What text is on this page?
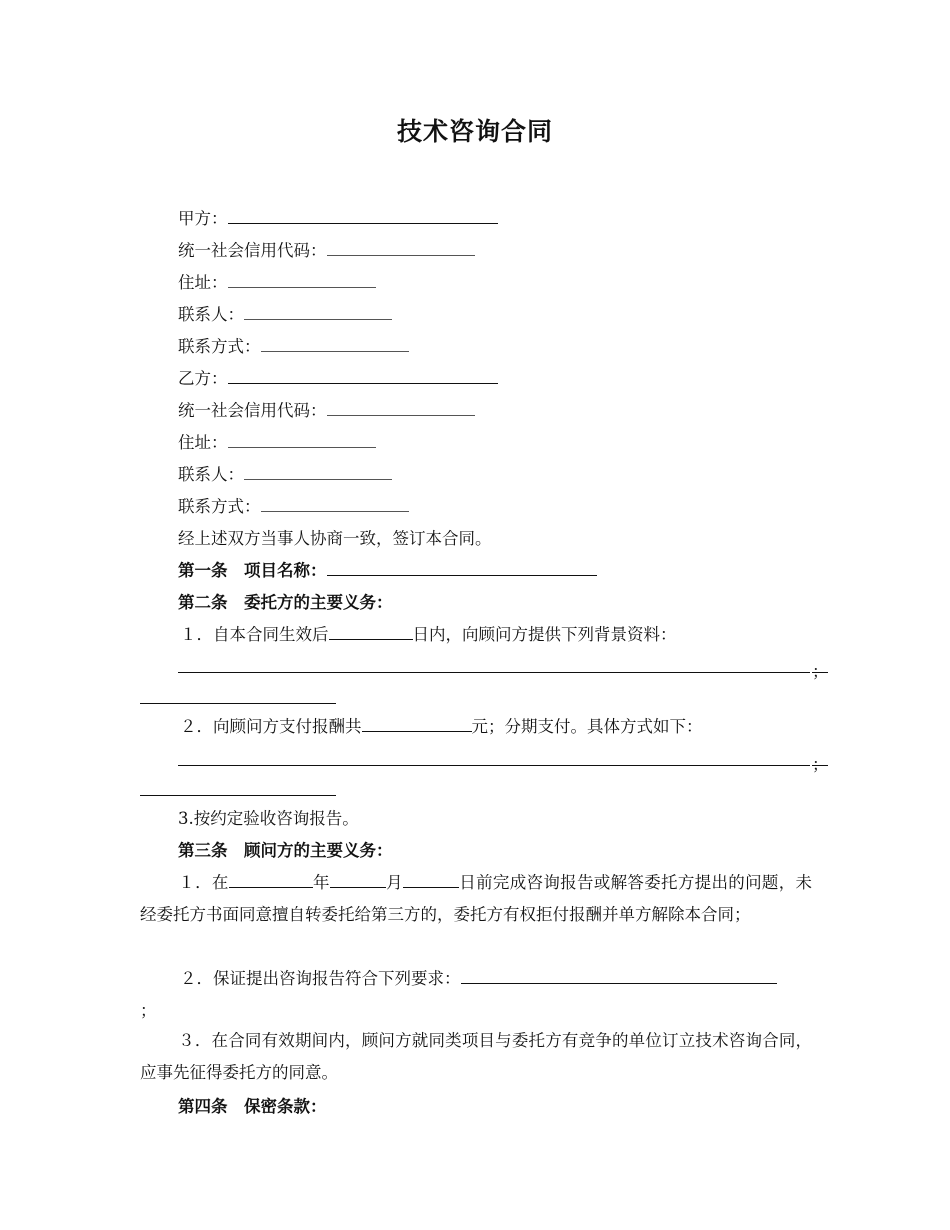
技术咨询合同
甲方：
统一社会信用代码：
住址：
联系人：
联系方式：
乙方：
统一社会信用代码：
住址：
联系人：
联系方式：
经上述双方当事人协商一致，签订本合同。
第一条　项目名称：
第二条　委托方的主要义务：
１．自本合同生效后	日内，向顾问方提供下列背景资料：
；
２．向顾问方支付报酬共	元；分期支付。具体方式如下：
；
3.按约定验收咨询报告。
第三条　顾问方的主要义务：
１．在	年	月	日前完成咨询报告或解答委托方提出的问题，未经委托方书面同意擅自转委托给第三方的，委托方有权拒付报酬并单方解除本合同；
２．保证提出咨询报告符合下列要求：
；
３．在合同有效期间内，顾问方就同类项目与委托方有竞争的单位订立技术咨询合同，应事先征得委托方的同意。
第四条　保密条款：
